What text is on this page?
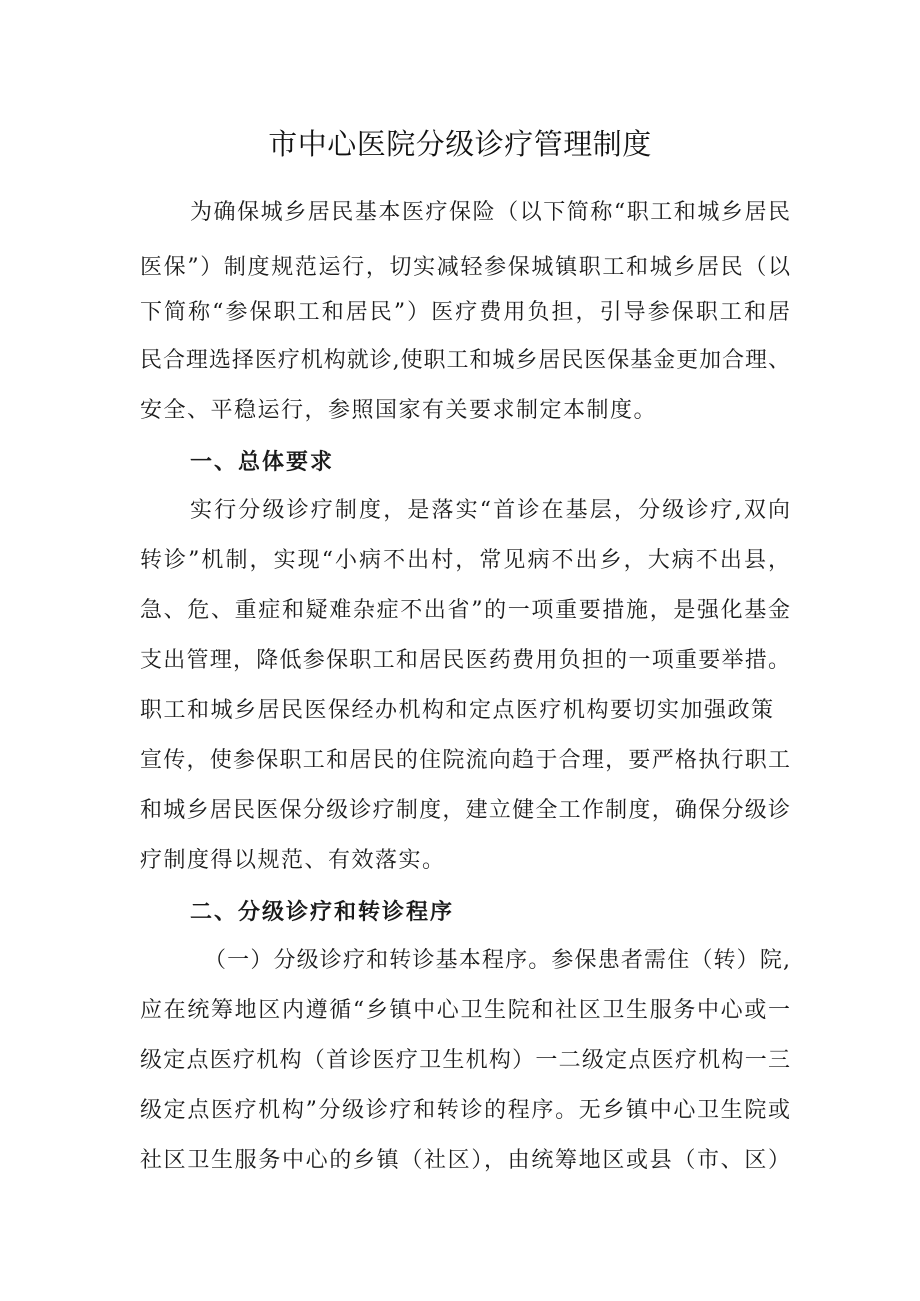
市中心医院分级诊疗管理制度
为确保城乡居民基本医疗保险（以下简称“职工和城乡居民
医保”）制度规范运行，切实减轻参保城镇职工和城乡居民（以
下简称“参保职工和居民”）医疗费用负担，引导参保职工和居
民合理选择医疗机构就诊,使职工和城乡居民医保基金更加合理、
安全、平稳运行，参照国家有关要求制定本制度。
一、总体要求
实行分级诊疗制度，是落实“首诊在基层，分级诊疗,双向
转诊”机制，实现“小病不出村，常见病不出乡，大病不出县，
急、危、重症和疑难杂症不出省”的一项重要措施，是强化基金
支出管理，降低参保职工和居民医药费用负担的一项重要举措。
职工和城乡居民医保经办机构和定点医疗机构要切实加强政策
宣传，使参保职工和居民的住院流向趋于合理，要严格执行职工
和城乡居民医保分级诊疗制度，建立健全工作制度，确保分级诊
疗制度得以规范、有效落实。
二、分级诊疗和转诊程序
（一）分级诊疗和转诊基本程序。参保患者需住（转）院,
应在统筹地区内遵循“乡镇中心卫生院和社区卫生服务中心或一
级定点医疗机构（首诊医疗卫生机构）一二级定点医疗机构一三
级定点医疗机构”分级诊疗和转诊的程序。无乡镇中心卫生院或
社区卫生服务中心的乡镇（社区），由统筹地区或县（市、区）
